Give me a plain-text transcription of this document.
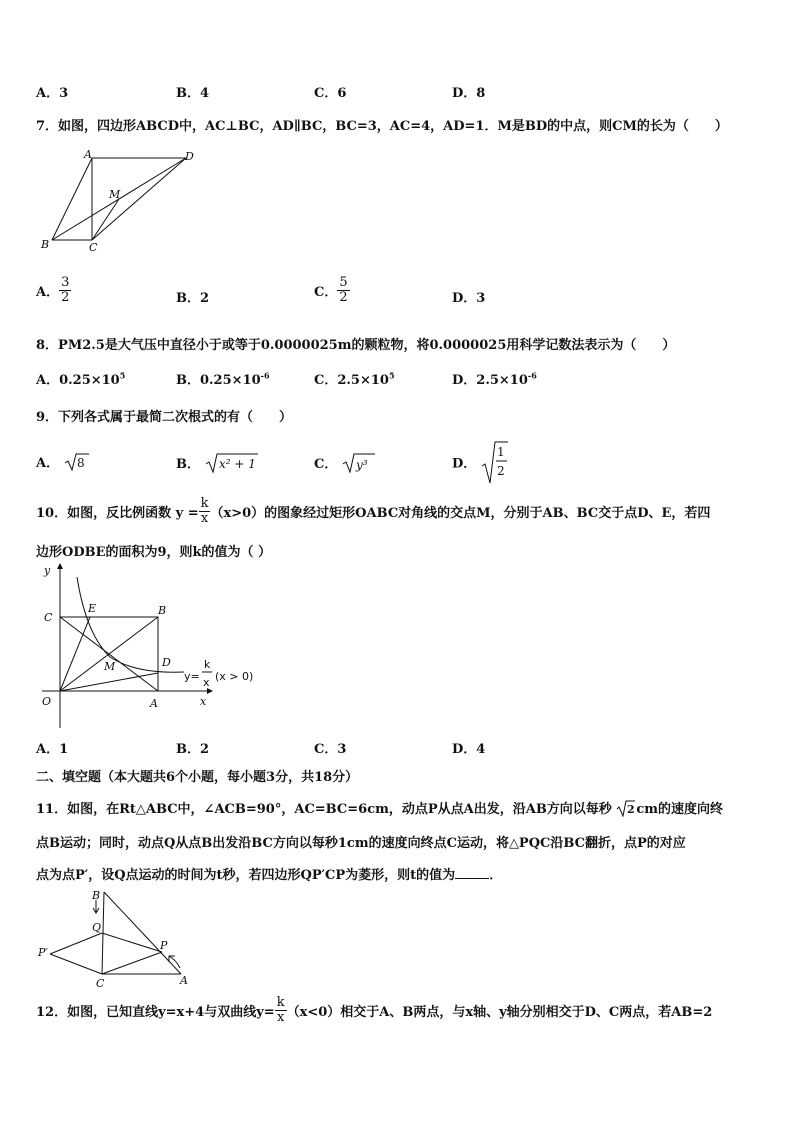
A．3	B．4	C．6	D．8
7．如图，四边形ABCD中，AC⊥BC，AD∥BC，BC=3，AC=4，AD=1．M是BD的中点，则CM的长为（　　）
A	D
M
B	C
A． $\frac{3}{2}$	B．2	C． $\frac{5}{2}$	D．3
8．PM2.5是大气压中直径小于或等于0.0000025m的颗粒物，将0.0000025用科学记数法表示为（　　）
A．$0.25\times 10^5$	B．$0.25\times 10^{-6}$	C．$2.5\times 10^5$	D．$2.5\times 10^{-6}$
9．下列各式属于最简二次根式的有（　　）
A． 8	B． x² + 1	C． y³	D．
1
2
10．如图，反比例函数 $y = \frac{k}{x} (x>0)$的图象经过矩形OABC对角线的交点M，分别于AB、BC交于点D、E，若四
边形ODBE的面积为9，则k的值为（ ）
y
x
O	A
B
C
D
E
M
y=
k
x (x > 0)
A．1	B．2	C．3	D．4
二、填空题（本大题共6个小题，每小题3分，共18分）
11．如图，在Rt△ABC中，∠ACB=90°，AC=BC=6cm，动点P从点A出发，沿AB方向以每秒 2 cm的速度向终
点B运动；同时，动点Q从点B出发沿BC方向以每秒1cm的速度向终点C运动，将△PQC沿BC翻折，点P的对应
点为点P′，设Q点运动的时间为t秒，若四边形QP′CP为菱形，则t的值为	．
B
Q
P
P′
C	A
12．如图，已知直线y=x+4与双曲线$y= \frac{k}{x} (x<0)$相交于A、B两点，与x轴、y轴分别相交于D、C两点，若AB=2
